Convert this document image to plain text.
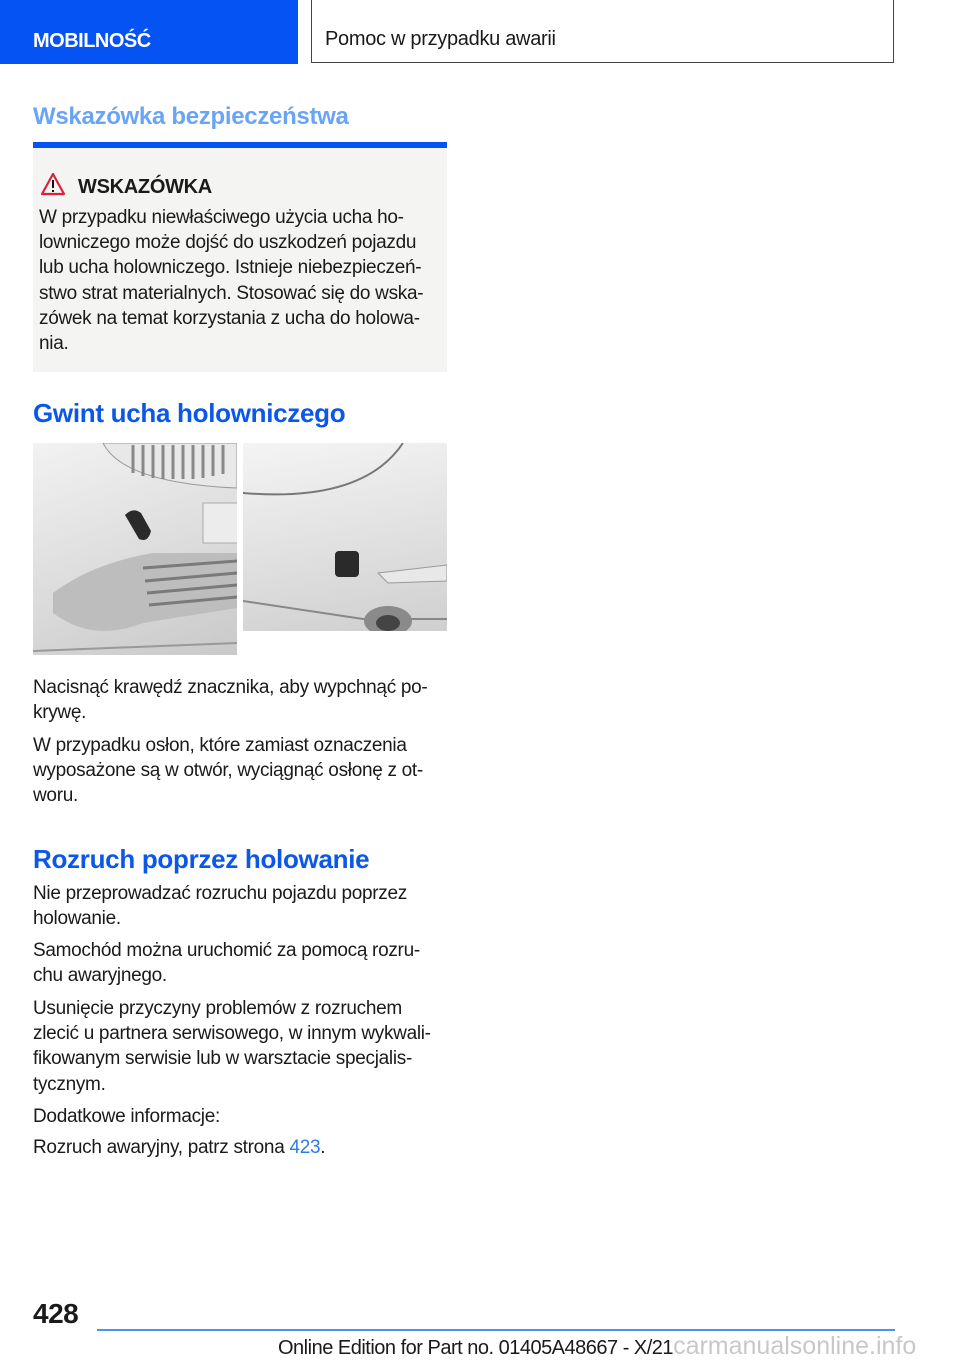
MOBILNOŚĆ	Pomoc w przypadku awarii
Wskazówka bezpieczeństwa
WSKAZÓWKA
W przypadku niewłaściwego użycia ucha ho-
lowniczego może dojść do uszkodzeń pojazdu
lub ucha holowniczego. Istnieje niebezpieczeń-
stwo strat materialnych. Stosować się do wska-
zówek na temat korzystania z ucha do holowa-
nia.
Gwint ucha holowniczego
Nacisnąć krawędź znacznika, aby wypchnąć po-
krywę.
W przypadku osłon, które zamiast oznaczenia
wyposażone są w otwór, wyciągnąć osłonę z ot-
woru.
Rozruch poprzez holowanie
Nie przeprowadzać rozruchu pojazdu poprzez
holowanie.
Samochód można uruchomić za pomocą rozru-
chu awaryjnego.
Usunięcie przyczyny problemów z rozruchem
zlecić u partnera serwisowego, w innym wykwali-
fikowanym serwisie lub w warsztacie specjalis-
tycznym.
Dodatkowe informacje:
Rozruch awaryjny, patrz strona 423.
428
Online Edition for Part no. 01405A48667 - X/21carmanualsonline.info
